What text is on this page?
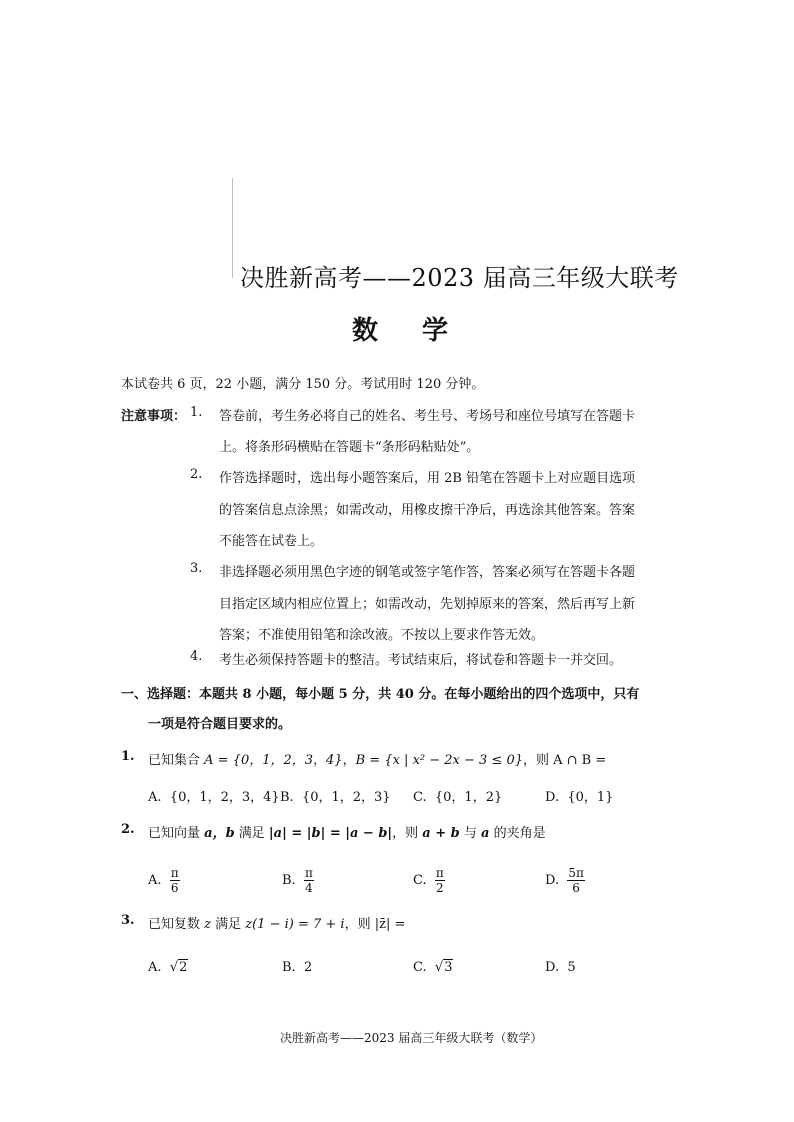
决胜新高考——2023 届高三年级大联考
数学
本试卷共 6 页，22 小题，满分 150 分。考试用时 120 分钟。
注意事项： 1. 答卷前，考生务必将自己的姓名、考生号、考场号和座位号填写在答题卡
上。将条形码横贴在答题卡“条形码粘贴处”。
2. 作答选择题时，选出每小题答案后，用 2B 铅笔在答题卡上对应题目选项
的答案信息点涂黑；如需改动，用橡皮擦干净后，再选涂其他答案。答案
不能答在试卷上。
3. 非选择题必须用黑色字迹的钢笔或签字笔作答，答案必须写在答题卡各题
目指定区域内相应位置上；如需改动，先划掉原来的答案，然后再写上新
答案；不准使用铅笔和涂改液。不按以上要求作答无效。
4. 考生必须保持答题卡的整洁。考试结束后，将试卷和答题卡一并交回。
一、选择题：本题共 8 小题，每小题 5 分，共 40 分。在每小题给出的四个选项中，只有
一项是符合题目要求的。
1. 已知集合 A = {0，1，2，3，4}，B = {x | x² − 2x − 3 ≤ 0}，则 A ∩ B =
A. {0，1，2，3，4} B. {0，1，2，3} C. {0，1，2}	D. {0，1}
2. 已知向量 a，b 满足 |a| = |b| = |a − b|，则 a + b 与 a 的夹角是
A. $\frac{\pi}{6}$	B. $\frac{\pi}{4}$	C. $\frac{\pi}{2}$	D. $\frac{5\pi}{6}$
3. 已知复数 z 满足 z(1 − i) = 7 + i，则 |z̄| =
A. √2	B. 2	C. √3	D. 5
决胜新高考——2023 届高三年级大联考（数学）
